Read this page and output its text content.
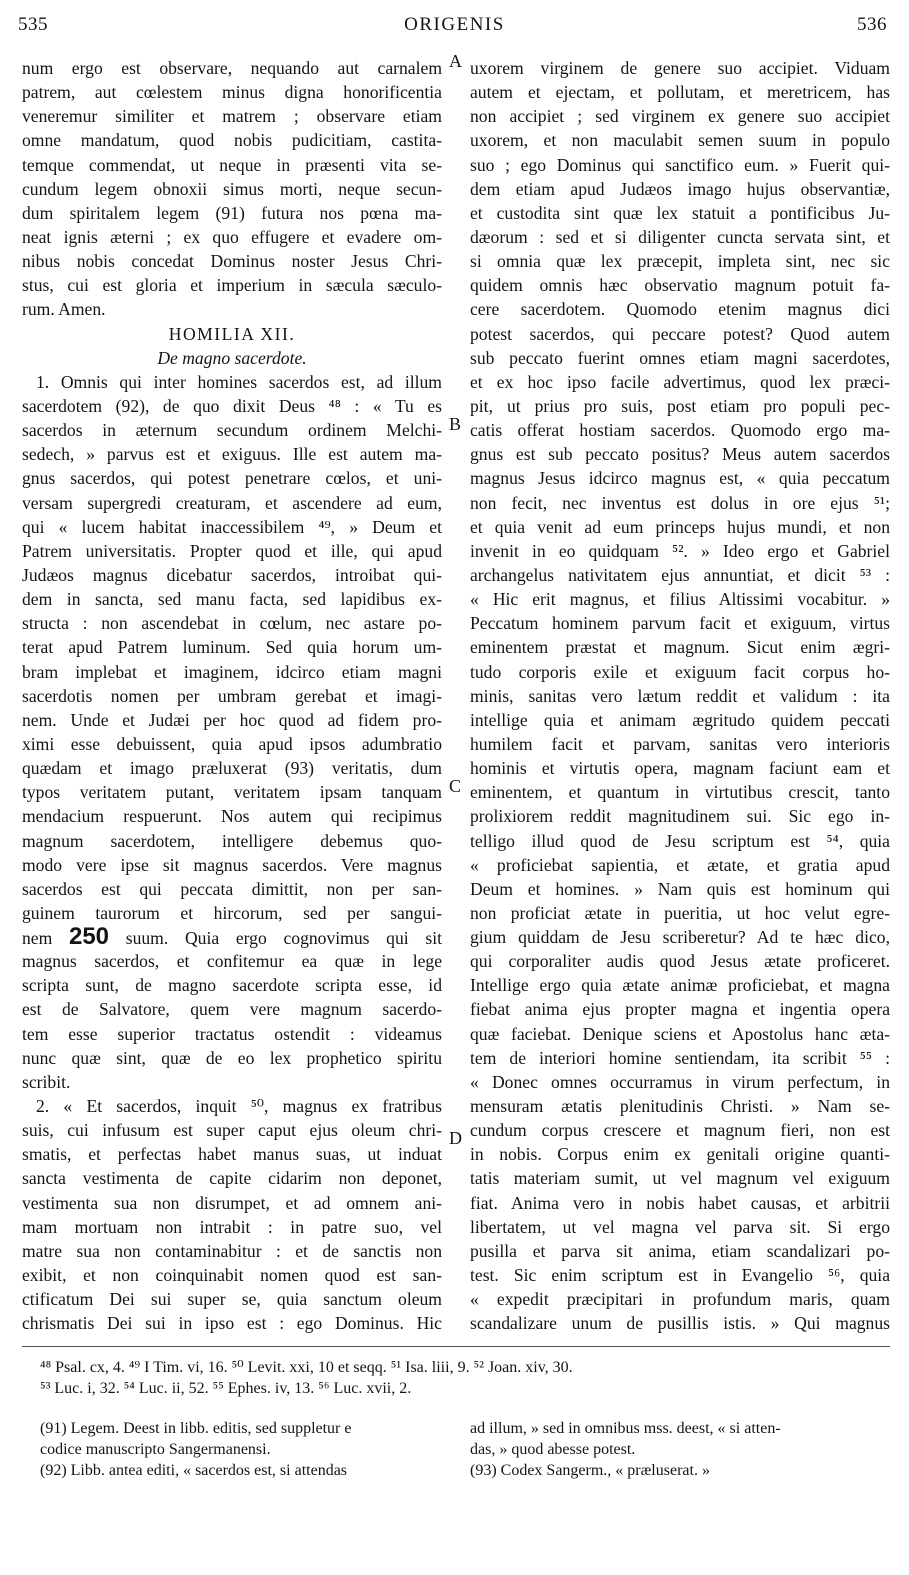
535	ORIGENIS	536
num ergo est observare, nequando aut carnalem
patrem, aut cœlestem minus digna honorificentia
veneremur similiter et matrem ; observare etiam
omne mandatum, quod nobis pudicitiam, castita-
temque commendat, ut neque in præsenti vita se-
cundum legem obnoxii simus morti, neque secun-
dum spiritalem legem (91) futura nos pœna ma-
neat ignis æterni ; ex quo effugere et evadere om-
nibus nobis concedat Dominus noster Jesus Chri-
stus, cui est gloria et imperium in sæcula sæculo-
rum. Amen.
HOMILIA XII.
De magno sacerdote.
1. Omnis qui inter homines sacerdos est, ad illum
sacerdotem (92), de quo dixit Deus ⁴⁸ : « Tu es
sacerdos in æternum secundum ordinem Melchi-
sedech, » parvus est et exiguus. Ille est autem ma-
gnus sacerdos, qui potest penetrare cœlos, et uni-
versam supergredi creaturam, et ascendere ad eum,
qui « lucem habitat inaccessibilem ⁴⁹, » Deum et
Patrem universitatis. Propter quod et ille, qui apud
Judæos magnus dicebatur sacerdos, introibat qui-
dem in sancta, sed manu facta, sed lapidibus ex-
structa : non ascendebat in cœlum, nec astare po-
terat apud Patrem luminum. Sed quia horum um-
bram implebat et imaginem, idcirco etiam magni
sacerdotis nomen per umbram gerebat et imagi-
nem. Unde et Judæi per hoc quod ad fidem pro-
ximi esse debuissent, quia apud ipsos adumbratio
quædam et imago præluxerat (93) veritatis, dum
typos veritatem putant, veritatem ipsam tanquam
mendacium respuerunt. Nos autem qui recipimus
magnum sacerdotem, intelligere debemus quo-
modo vere ipse sit magnus sacerdos. Vere magnus
sacerdos est qui peccata dimittit, non per san-
guinem taurorum et hircorum, sed per sangui-
nem 250 suum. Quia ergo cognovimus qui sit
magnus sacerdos, et confitemur ea quæ in lege
scripta sunt, de magno sacerdote scripta esse, id
est de Salvatore, quem vere magnum sacerdo-
tem esse superior tractatus ostendit : videamus
nunc quæ sint, quæ de eo lex prophetico spiritu
scribit.
2. « Et sacerdos, inquit ⁵⁰, magnus ex fratribus
suis, cui infusum est super caput ejus oleum chri-
smatis, et perfectas habet manus suas, ut induat
sancta vestimenta de capite cidarim non deponet,
vestimenta sua non disrumpet, et ad omnem ani-
mam mortuam non intrabit : in patre suo, vel
matre sua non contaminabitur : et de sanctis non
exibit, et non coinquinabit nomen quod est san-
ctificatum Dei sui super se, quia sanctum oleum
chrismatis Dei sui in ipso est : ego Dominus. Hic
uxorem virginem de genere suo accipiet. Viduam
autem et ejectam, et pollutam, et meretricem, has
non accipiet ; sed virginem ex genere suo accipiet
uxorem, et non maculabit semen suum in populo
suo ; ego Dominus qui sanctifico eum. » Fuerit qui-
dem etiam apud Judæos imago hujus observantiæ,
et custodita sint quæ lex statuit a pontificibus Ju-
dæorum : sed et si diligenter cuncta servata sint, et
si omnia quæ lex præcepit, impleta sint, nec sic
quidem omnis hæc observatio magnum potuit fa-
cere sacerdotem. Quomodo etenim magnus dici
potest sacerdos, qui peccare potest? Quod autem
sub peccato fuerint omnes etiam magni sacerdotes,
et ex hoc ipso facile advertimus, quod lex præci-
pit, ut prius pro suis, post etiam pro populi pec-
catis offerat hostiam sacerdos. Quomodo ergo ma-
gnus est sub peccato positus? Meus autem sacerdos
magnus Jesus idcirco magnus est, « quia peccatum
non fecit, nec inventus est dolus in ore ejus ⁵¹;
et quia venit ad eum princeps hujus mundi, et non
invenit in eo quidquam ⁵². » Ideo ergo et Gabriel
archangelus nativitatem ejus annuntiat, et dicit ⁵³ :
« Hic erit magnus, et filius Altissimi vocabitur. »
Peccatum hominem parvum facit et exiguum, virtus
eminentem præstat et magnum. Sicut enim ægri-
tudo corporis exile et exiguum facit corpus ho-
minis, sanitas vero lætum reddit et validum : ita
intellige quia et animam ægritudo quidem peccati
humilem facit et parvam, sanitas vero interioris
hominis et virtutis opera, magnam faciunt eam et
eminentem, et quantum in virtutibus crescit, tanto
prolixiorem reddit magnitudinem sui. Sic ego in-
telligo illud quod de Jesu scriptum est ⁵⁴, quia
« proficiebat sapientia, et ætate, et gratia apud
Deum et homines. » Nam quis est hominum qui
non proficiat ætate in pueritia, ut hoc velut egre-
gium quiddam de Jesu scriberetur? Ad te hæc dico,
qui corporaliter audis quod Jesus ætate proficeret.
Intellige ergo quia ætate animæ proficiebat, et magna
fiebat anima ejus propter magna et ingentia opera
quæ faciebat. Denique sciens et Apostolus hanc æta-
tem de interiori homine sentiendam, ita scribit ⁵⁵ :
« Donec omnes occurramus in virum perfectum, in
mensuram ætatis plenitudinis Christi. » Nam se-
cundum corpus crescere et magnum fieri, non est
in nobis. Corpus enim ex genitali origine quanti-
tatis materiam sumit, ut vel magnum vel exiguum
fiat. Anima vero in nobis habet causas, et arbitrii
libertatem, ut vel magna vel parva sit. Si ergo
pusilla et parva sit anima, etiam scandalizari po-
test. Sic enim scriptum est in Evangelio ⁵⁶, quia
« expedit præcipitari in profundum maris, quam
scandalizare unum de pusillis istis. » Qui magnus
A
B
C
D
⁴⁸ Psal. cx, 4. ⁴⁹ I Tim. vi, 16. ⁵⁰ Levit. xxi, 10 et seqq. ⁵¹ Isa. liii, 9. ⁵² Joan. xiv, 30.
⁵³ Luc. i, 32. ⁵⁴ Luc. ii, 52. ⁵⁵ Ephes. iv, 13. ⁵⁶ Luc. xvii, 2.
(91) Legem. Deest in libb. editis, sed suppletur e
codice manuscripto Sangermanensi.
(92) Libb. antea editi, « sacerdos est, si attendas
ad illum, » sed in omnibus mss. deest, « si atten-
das, » quod abesse potest.
(93) Codex Sangerm., « præluserat. »
